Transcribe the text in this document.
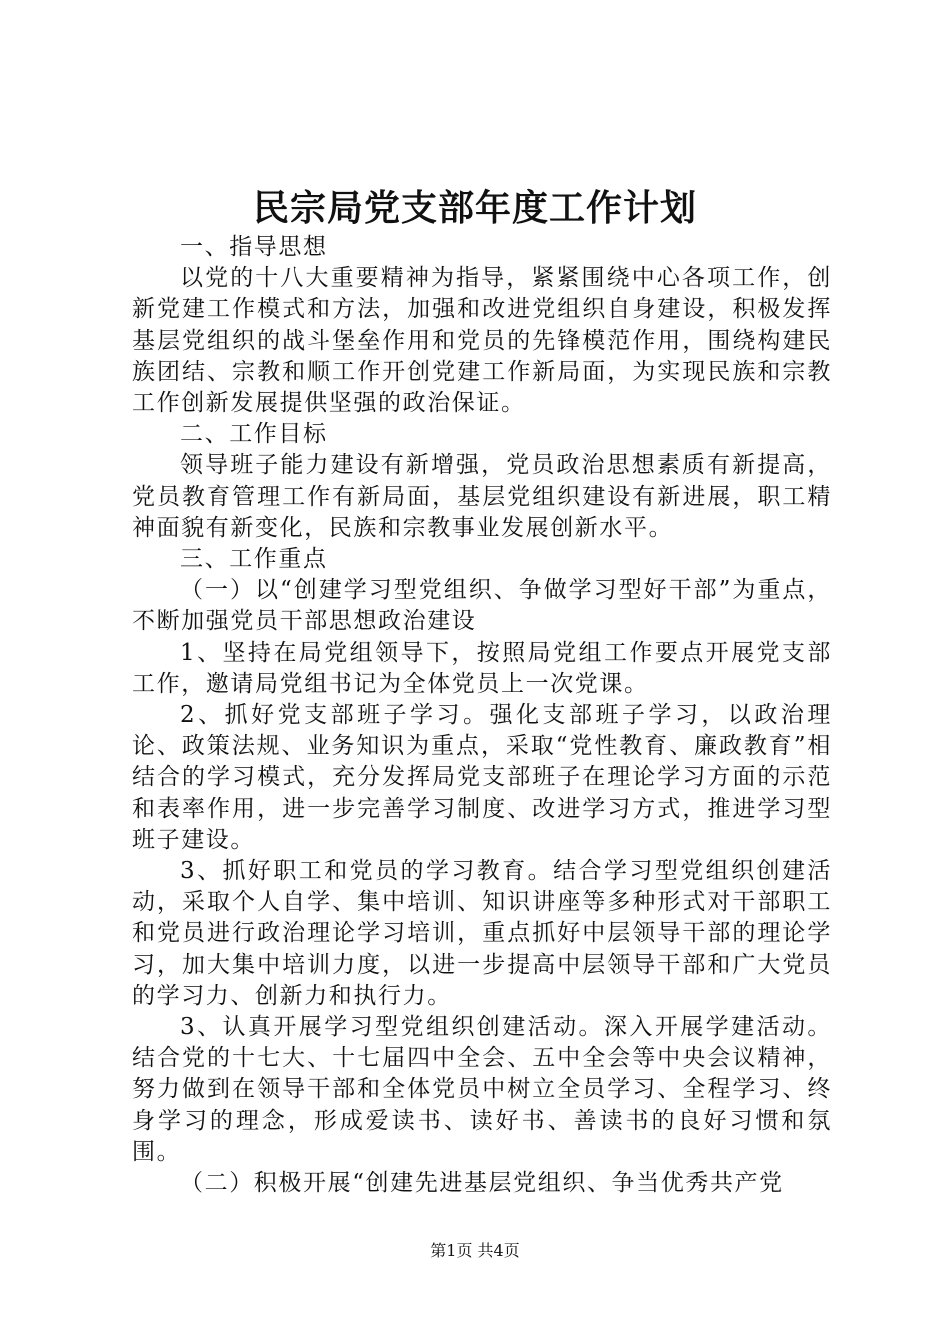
民宗局党支部年度工作计划

一、指导思想

以党的十八大重要精神为指导，紧紧围绕中心各项工作，创新党建工作模式和方法，加强和改进党组织自身建设，积极发挥基层党组织的战斗堡垒作用和党员的先锋模范作用，围绕构建民族团结、宗教和顺工作开创党建工作新局面，为实现民族和宗教工作创新发展提供坚强的政治保证。

二、工作目标

领导班子能力建设有新增强，党员政治思想素质有新提高，党员教育管理工作有新局面，基层党组织建设有新进展，职工精神面貌有新变化，民族和宗教事业发展创新水平。

三、工作重点

（一）以“创建学习型党组织、争做学习型好干部”为重点，不断加强党员干部思想政治建设

1、坚持在局党组领导下，按照局党组工作要点开展党支部工作，邀请局党组书记为全体党员上一次党课。

2、抓好党支部班子学习。强化支部班子学习，以政治理论、政策法规、业务知识为重点，采取“党性教育、廉政教育”相结合的学习模式，充分发挥局党支部班子在理论学习方面的示范和表率作用，进一步完善学习制度、改进学习方式，推进学习型班子建设。

3、抓好职工和党员的学习教育。结合学习型党组织创建活动，采取个人自学、集中培训、知识讲座等多种形式对干部职工和党员进行政治理论学习培训，重点抓好中层领导干部的理论学习，加大集中培训力度，以进一步提高中层领导干部和广大党员的学习力、创新力和执行力。

3、认真开展学习型党组织创建活动。深入开展学建活动。结合党的十七大、十七届四中全会、五中全会等中央会议精神，努力做到在领导干部和全体党员中树立全员学习、全程学习、终身学习的理念，形成爱读书、读好书、善读书的良好习惯和氛围。

（二）积极开展“创建先进基层党组织、争当优秀共产党

第1页 共4页
